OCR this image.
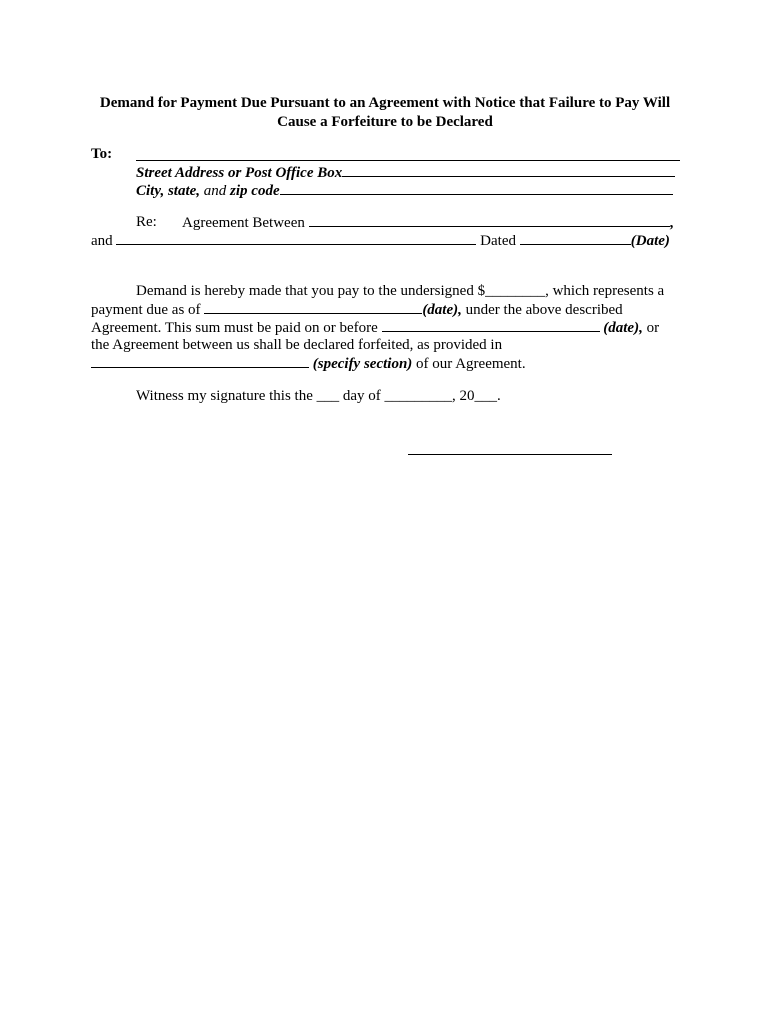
Demand for Payment Due Pursuant to an Agreement with Notice that Failure to Pay Will
Cause a Forfeiture to be Declared
To:
Street Address or Post Office Box
City, state, and zip code
Re: Agreement Between	,
and	Dated	(Date)
Demand is hereby made that you pay to the undersigned $________, which represents a
payment due as of	(date), under the above described
Agreement. This sum must be paid on or before	(date), or
the Agreement between us shall be declared forfeited, as provided in
(specify section) of our Agreement.
Witness my signature this the ___ day of _________, 20___.
